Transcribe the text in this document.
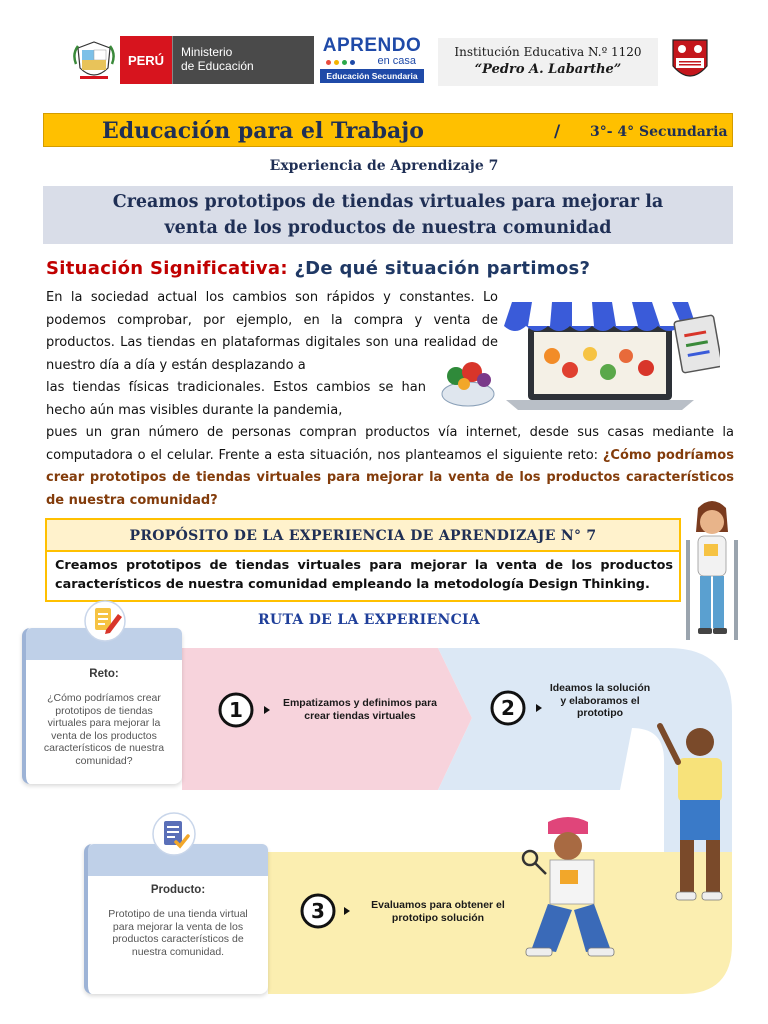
PERÚ
Ministerio
de Educación
APRENDO
en casa
Educación Secundaria
Institución Educativa N.º 1120
“Pedro A. Labarthe”
Educación para el Trabajo	/ 3°- 4° Secundaria
Experiencia de Aprendizaje 7
Creamos prototipos de tiendas virtuales para mejorar la
venta de los productos de nuestra comunidad
Situación Significativa: ¿De qué situación partimos?
En la sociedad actual los cambios son rápidos y constantes. Lo podemos comprobar, por ejemplo, en la compra y venta de productos. Las tiendas en plataformas digitales son una realidad de nuestro día a día y están desplazando a
las tiendas físicas tradicionales. Estos cambios se han hecho aún mas visibles durante la pandemia,
pues un gran número de personas compran productos vía internet, desde sus casas mediante la computadora o el celular. Frente a esta situación, nos planteamos el siguiente reto: ¿Cómo podríamos crear prototipos de tiendas virtuales para mejorar la venta de los productos característicos de nuestra comunidad?
PROPÓSITO DE LA EXPERIENCIA DE APRENDIZAJE N° 7
Creamos prototipos de tiendas virtuales para mejorar la venta de los productos característicos de nuestra comunidad empleando la metodología Design Thinking.
RUTA DE LA EXPERIENCIA
1	2
3
Empatizamos y definimos para crear tiendas virtuales
Ideamos la solución y elaboramos el prototipo
Evaluamos para obtener el prototipo solución
Reto:
¿Cómo podríamos crear prototipos de tiendas virtuales para mejorar la venta de los productos característicos de nuestra comunidad?
Producto:
Prototipo de una tienda virtual para mejorar la venta de los productos característicos de nuestra comunidad.
